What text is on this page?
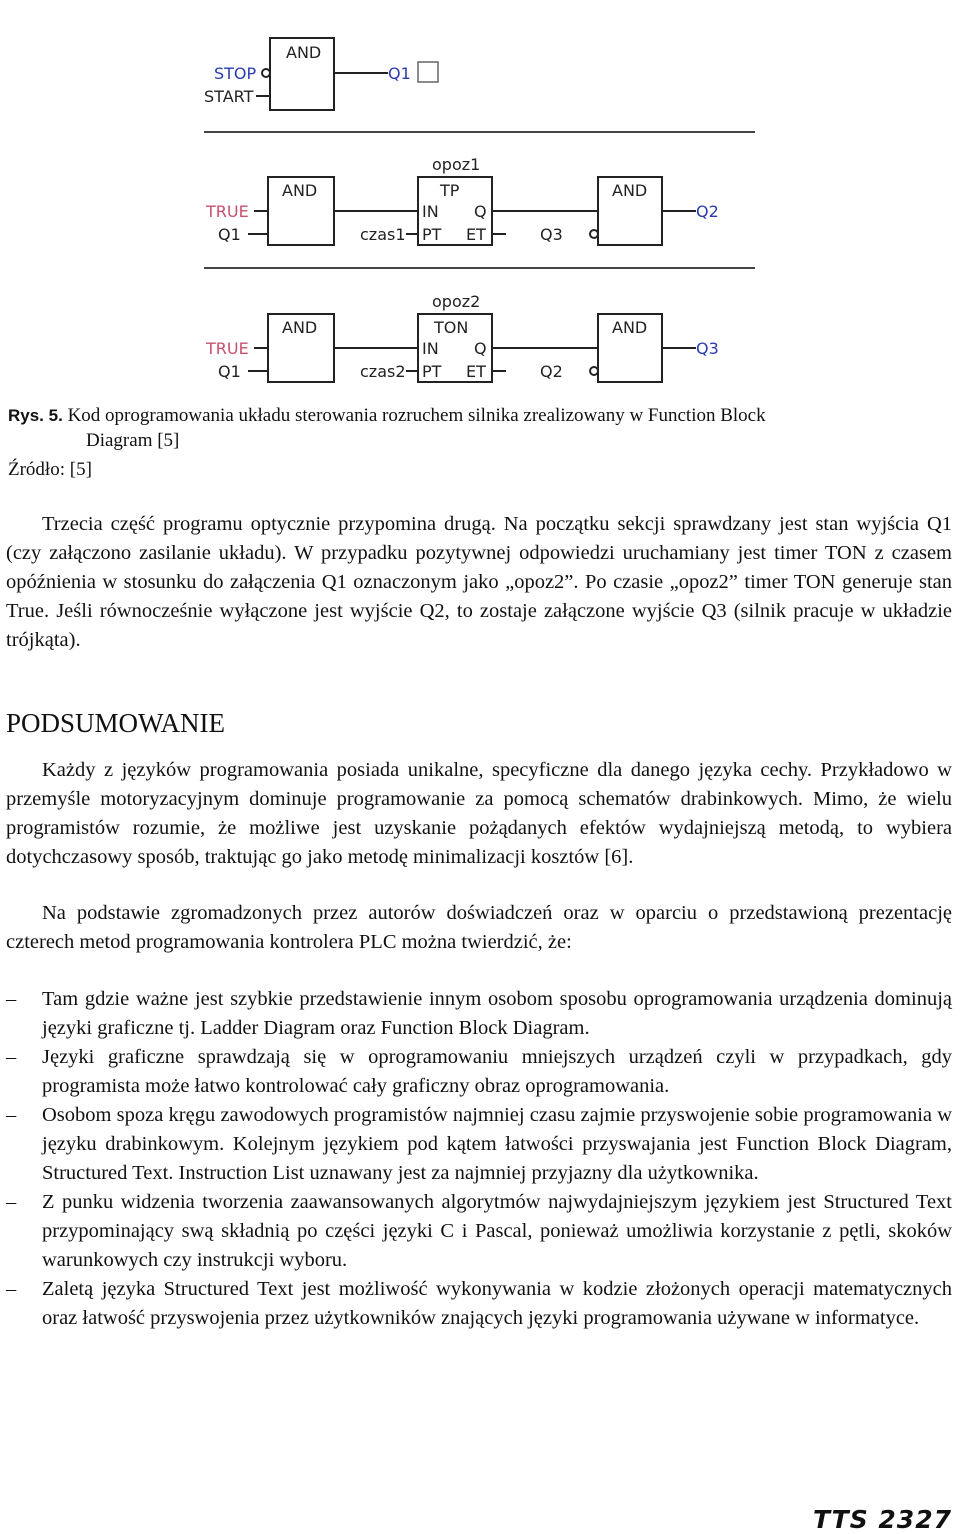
AND
STOP
START
Q1
opoz1
AND
TRUE
Q1
TP
IN Q
PT ET
czas1
AND
Q3
Q2
opoz2
AND
TRUE
Q1
TON
IN Q
PT ET
czas2
AND
Q2
Q3
Rys. 5. Kod oprogramowania układu sterowania rozruchem silnika zrealizowany w Function Block
Diagram [5]
Źródło: [5]
Trzecia część programu optycznie przypomina drugą. Na początku sekcji sprawdzany jest stan wyjścia Q1 (czy załączono zasilanie układu). W przypadku pozytywnej odpowiedzi uruchamiany jest timer TON z czasem opóźnienia w stosunku do załączenia Q1 oznaczonym jako „opoz2”. Po czasie „opoz2” timer TON generuje stan True. Jeśli równocześnie wyłączone jest wyjście Q2, to zostaje załączone wyjście Q3 (silnik pracuje w układzie trójkąta).
PODSUMOWANIE
Każdy z języków programowania posiada unikalne, specyficzne dla danego języka cechy. Przykładowo w przemyśle motoryzacyjnym dominuje programowanie za pomocą schematów drabinkowych. Mimo, że wielu programistów rozumie, że możliwe jest uzyskanie pożądanych efektów wydajniejszą metodą, to wybiera dotychczasowy sposób, traktując go jako metodę minimalizacji kosztów [6].
Na podstawie zgromadzonych przez autorów doświadczeń oraz w oparciu o przedstawioną prezentację czterech metod programowania kontrolera PLC można twierdzić, że:
–	Tam gdzie ważne jest szybkie przedstawienie innym osobom sposobu oprogramowania urządzenia dominują języki graficzne tj. Ladder Diagram oraz Function Block Diagram.
–	Języki graficzne sprawdzają się w oprogramowaniu mniejszych urządzeń czyli w przypadkach, gdy programista może łatwo kontrolować cały graficzny obraz oprogramowania.
–	Osobom spoza kręgu zawodowych programistów najmniej czasu zajmie przyswojenie sobie programowania w języku drabinkowym. Kolejnym językiem pod kątem łatwości przyswajania jest Function Block Diagram, Structured Text. Instruction List uznawany jest za najmniej przyjazny dla użytkownika.
–	Z punku widzenia tworzenia zaawansowanych algorytmów najwydajniejszym językiem jest Structured Text przypominający swą składnią po części języki C i Pascal, ponieważ umożliwia korzystanie z pętli, skoków warunkowych czy instrukcji wyboru.
–	Zaletą języka Structured Text jest możliwość wykonywania w kodzie złożonych operacji matematycznych oraz łatwość przyswojenia przez użytkowników znających języki programowania używane w informatyce.
TTS 2327
